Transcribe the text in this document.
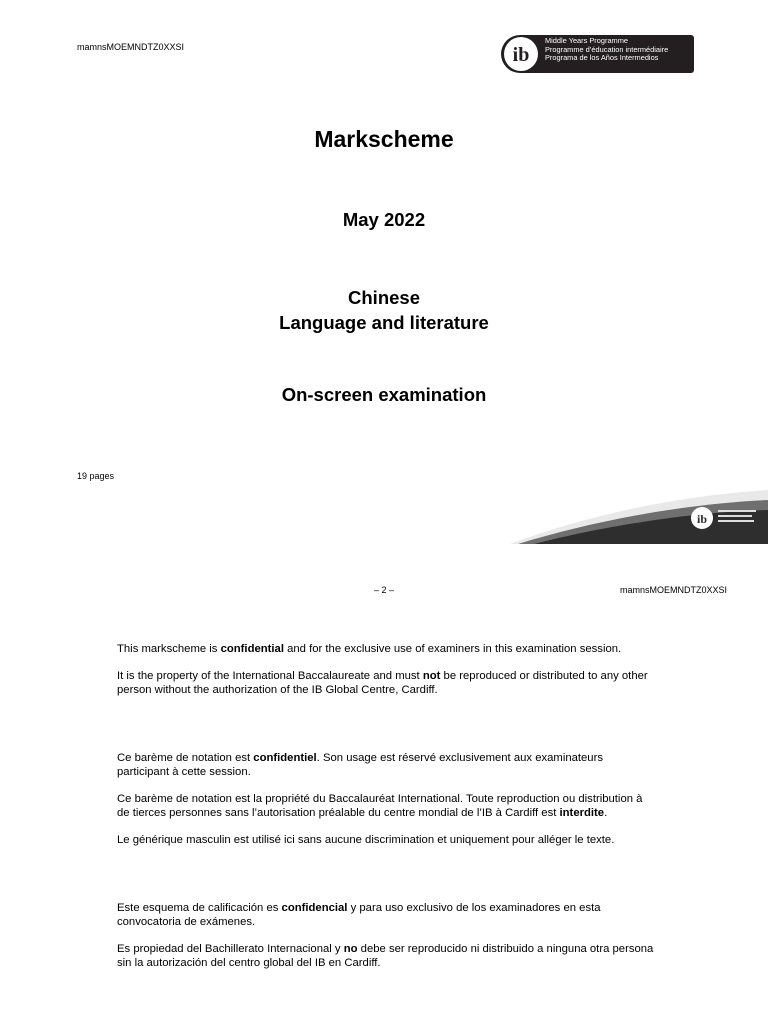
mamnsMOEMNDTZ0XXSI	ib
Middle Years Programme
Programme d’éducation intermédiaire
Programa de los Años Intermedios
Markscheme
May 2022
Chinese
Language and literature
On-screen examination
19 pages
ib
– 2 –	mamnsMOEMNDTZ0XXSI
This markscheme is confidential and for the exclusive use of examiners in this examination session.
It is the property of the International Baccalaureate and must not be reproduced or distributed to any other person without the authorization of the IB Global Centre, Cardiff.
Ce barème de notation est confidentiel. Son usage est réservé exclusivement aux examinateurs participant à cette session.
Ce barème de notation est la propriété du Baccalauréat International. Toute reproduction ou distribution à de tierces personnes sans l’autorisation préalable du centre mondial de l’IB à Cardiff est interdite.
Le générique masculin est utilisé ici sans aucune discrimination et uniquement pour alléger le texte.
Este esquema de calificación es confidencial y para uso exclusivo de los examinadores en esta convocatoria de exámenes.
Es propiedad del Bachillerato Internacional y no debe ser reproducido ni distribuido a ninguna otra persona sin la autorización del centro global del IB en Cardiff.
